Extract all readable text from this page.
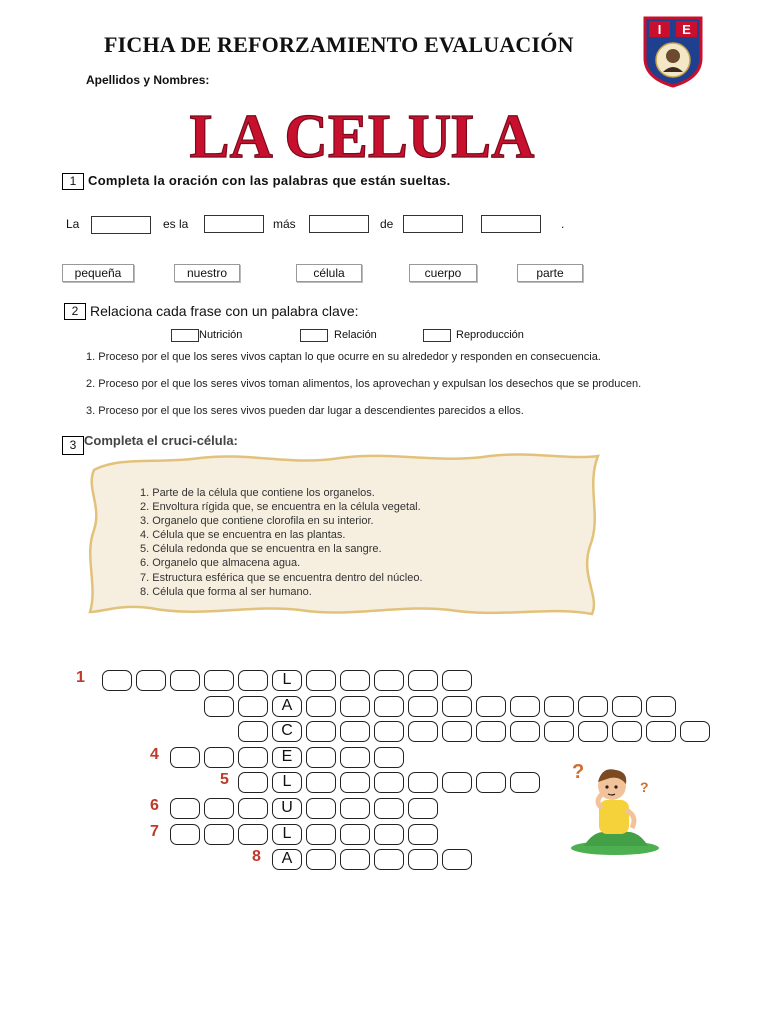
FICHA DE REFORZAMIENTO EVALUACIÓN
Apellidos y Nombres:
I E
LA CELULA
1 Completa la oración con las palabras que están sueltas.
La	es la	más	de	.
pequeña	nuestro	célula	cuerpo	parte
2 Relaciona cada frase con un palabra clave:
Nutrición	Relación	Reproducción
1. Proceso por el que los seres vivos captan lo que ocurre en su alrededor y responden en consecuencia.
2. Proceso por el que los seres vivos toman alimentos, los aprovechan y expulsan los desechos que se producen.
3. Proceso por el que los seres vivos pueden dar lugar a descendientes parecidos a ellos.
3 Completa el cruci-célula:
1. Parte de la célula que contiene los organelos.
2. Envoltura rígida que, se encuentra en la célula vegetal.
3. Organelo que contiene clorofila en su interior.
4. Célula que se encuentra en las plantas.
5. Célula redonda que se encuentra en la sangre.
6. Organelo que almacena agua.
7. Estructura esférica que se encuentra dentro del núcleo.
8. Célula que forma al ser humano.
1	L
A
C
4	E
5	L
6	U
7	L
8	A
?
?
